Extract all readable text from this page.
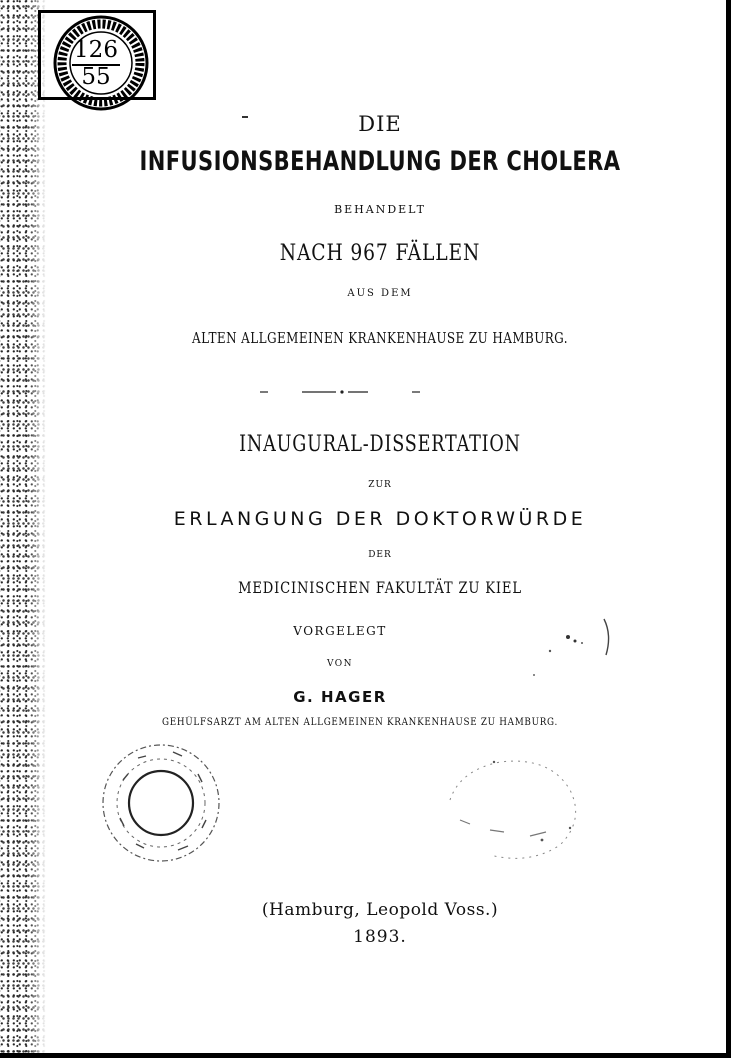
126
55
DIE
INFUSIONSBEHANDLUNG DER CHOLERA
BEHANDELT
NACH 967 FÄLLEN
AUS DEM
ALTEN ALLGEMEINEN KRANKENHAUSE ZU HAMBURG.
INAUGURAL-DISSERTATION
ZUR
ERLANGUNG DER DOKTORWÜRDE
DER
MEDICINISCHEN FAKULTÄT ZU KIEL
VORGELEGT
VON
G. HAGER
GEHÜLFSARZT AM ALTEN ALLGEMEINEN KRANKENHAUSE ZU HAMBURG.
(Hamburg, Leopold Voss.)
1893.
